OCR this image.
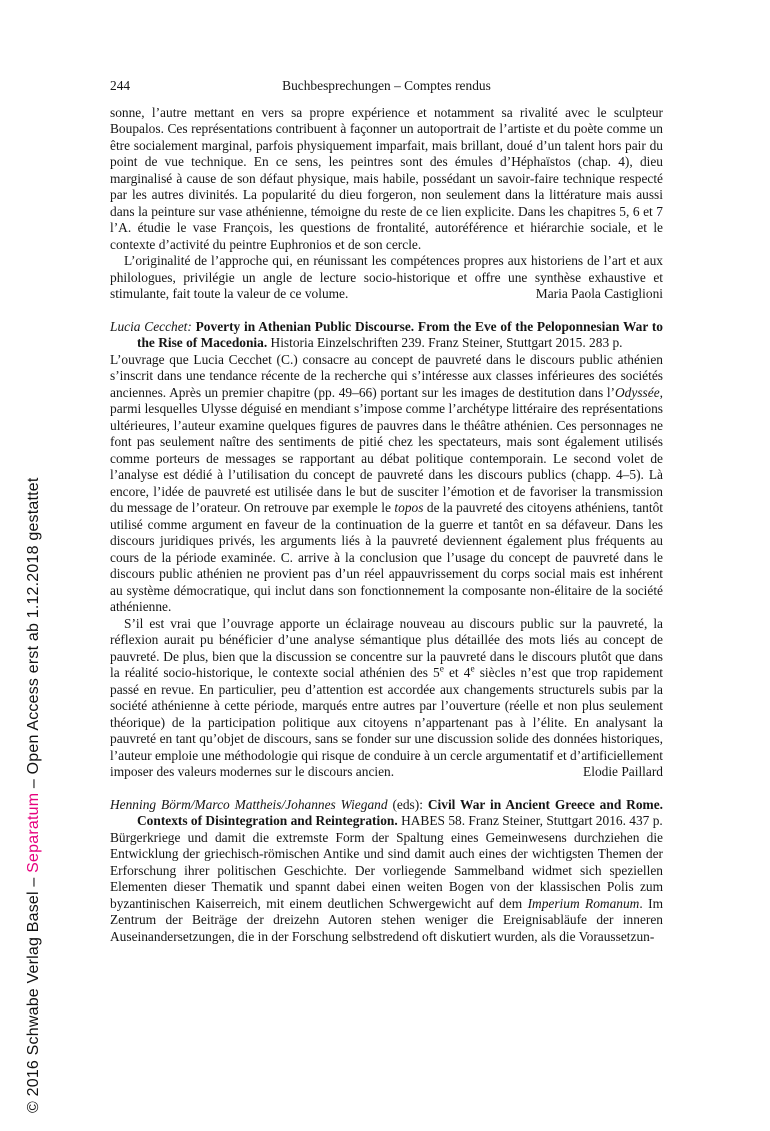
© 2016 Schwabe Verlag Basel – Separatum – Open Access erst ab 1.12.2018 gestattet
244	Buchbesprechungen – Comptes rendus

sonne, l’autre mettant en vers sa propre expérience et notamment sa rivalité avec le sculpteur Boupalos. Ces représentations contribuent à façonner un autoportrait de l’artiste et du poète comme un être socialement marginal, parfois physiquement imparfait, mais brillant, doué d’un talent hors pair du point de vue technique. En ce sens, les peintres sont des émules d’Héphaïstos (chap. 4), dieu marginalisé à cause de son défaut physique, mais habile, possédant un savoir-faire technique respecté par les autres divinités. La popularité du dieu forgeron, non seulement dans la littérature mais aussi dans la peinture sur vase athénienne, témoigne du reste de ce lien explicite. Dans les chapitres 5, 6 et 7 l’A. étudie le vase François, les questions de frontalité, autoréférence et hiérarchie sociale, et le contexte d’activité du peintre Euphronios et de son cercle.

L’originalité de l’approche qui, en réunissant les compétences propres aux historiens de l’art et aux philologues, privilégie un angle de lecture socio-historique et offre une synthèse exhaustive et stimulante, fait toute la valeur de ce volume.	Maria Paola Castiglioni

Lucia Cecchet: Poverty in Athenian Public Discourse. From the Eve of the Peloponnesian War to the Rise of Macedonia. Historia Einzelschriften 239. Franz Steiner, Stuttgart 2015. 283 p.

L’ouvrage que Lucia Cecchet (C.) consacre au concept de pauvreté dans le discours public athénien s’inscrit dans une tendance récente de la recherche qui s’intéresse aux classes inférieures des sociétés anciennes. Après un premier chapitre (pp. 49–66) portant sur les images de destitution dans l’Odyssée, parmi lesquelles Ulysse déguisé en mendiant s’impose comme l’archétype littéraire des représentations ultérieures, l’auteur examine quelques figures de pauvres dans le théâtre athénien. Ces personnages ne font pas seulement naître des sentiments de pitié chez les spectateurs, mais sont également utilisés comme porteurs de messages se rapportant au débat politique contemporain. Le second volet de l’analyse est dédié à l’utilisation du concept de pauvreté dans les discours publics (chapp. 4–5). Là encore, l’idée de pauvreté est utilisée dans le but de susciter l’émotion et de favoriser la transmission du message de l’orateur. On retrouve par exemple le topos de la pauvreté des citoyens athéniens, tantôt utilisé comme argument en faveur de la continuation de la guerre et tantôt en sa défaveur. Dans les discours juridiques privés, les arguments liés à la pauvreté deviennent également plus fréquents au cours de la période examinée. C. arrive à la conclusion que l’usage du concept de pauvreté dans le discours public athénien ne provient pas d’un réel appauvrissement du corps social mais est inhérent au système démocratique, qui inclut dans son fonctionnement la composante non-élitaire de la société athénienne.

S’il est vrai que l’ouvrage apporte un éclairage nouveau au discours public sur la pauvreté, la réflexion aurait pu bénéficier d’une analyse sémantique plus détaillée des mots liés au concept de pauvreté. De plus, bien que la discussion se concentre sur la pauvreté dans le discours plutôt que dans la réalité socio-historique, le contexte social athénien des 5e et 4e siècles n’est que trop rapidement passé en revue. En particulier, peu d’attention est accordée aux changements structurels subis par la société athénienne à cette période, marqués entre autres par l’ouverture (réelle et non plus seulement théorique) de la participation politique aux citoyens n’appartenant pas à l’élite. En analysant la pauvreté en tant qu’objet de discours, sans se fonder sur une discussion solide des données historiques, l’auteur emploie une méthodologie qui risque de conduire à un cercle argumentatif et d’artificiellement imposer des valeurs modernes sur le discours ancien.	Elodie Paillard

Henning Börm/Marco Mattheis/Johannes Wiegand (eds): Civil War in Ancient Greece and Rome. Contexts of Disintegration and Reintegration. HABES 58. Franz Steiner, Stuttgart 2016. 437 p.

Bürgerkriege und damit die extremste Form der Spaltung eines Gemeinwesens durchziehen die Entwicklung der griechisch-römischen Antike und sind damit auch eines der wichtigsten Themen der Erforschung ihrer politischen Geschichte. Der vorliegende Sammelband widmet sich speziellen Elementen dieser Thematik und spannt dabei einen weiten Bogen von der klassischen Polis zum byzantinischen Kaiserreich, mit einem deutlichen Schwergewicht auf dem Imperium Romanum. Im Zentrum der Beiträge der dreizehn Autoren stehen weniger die Ereignisabläufe der inneren Auseinandersetzungen, die in der Forschung selbstredend oft diskutiert wurden, als die Voraussetzun-
